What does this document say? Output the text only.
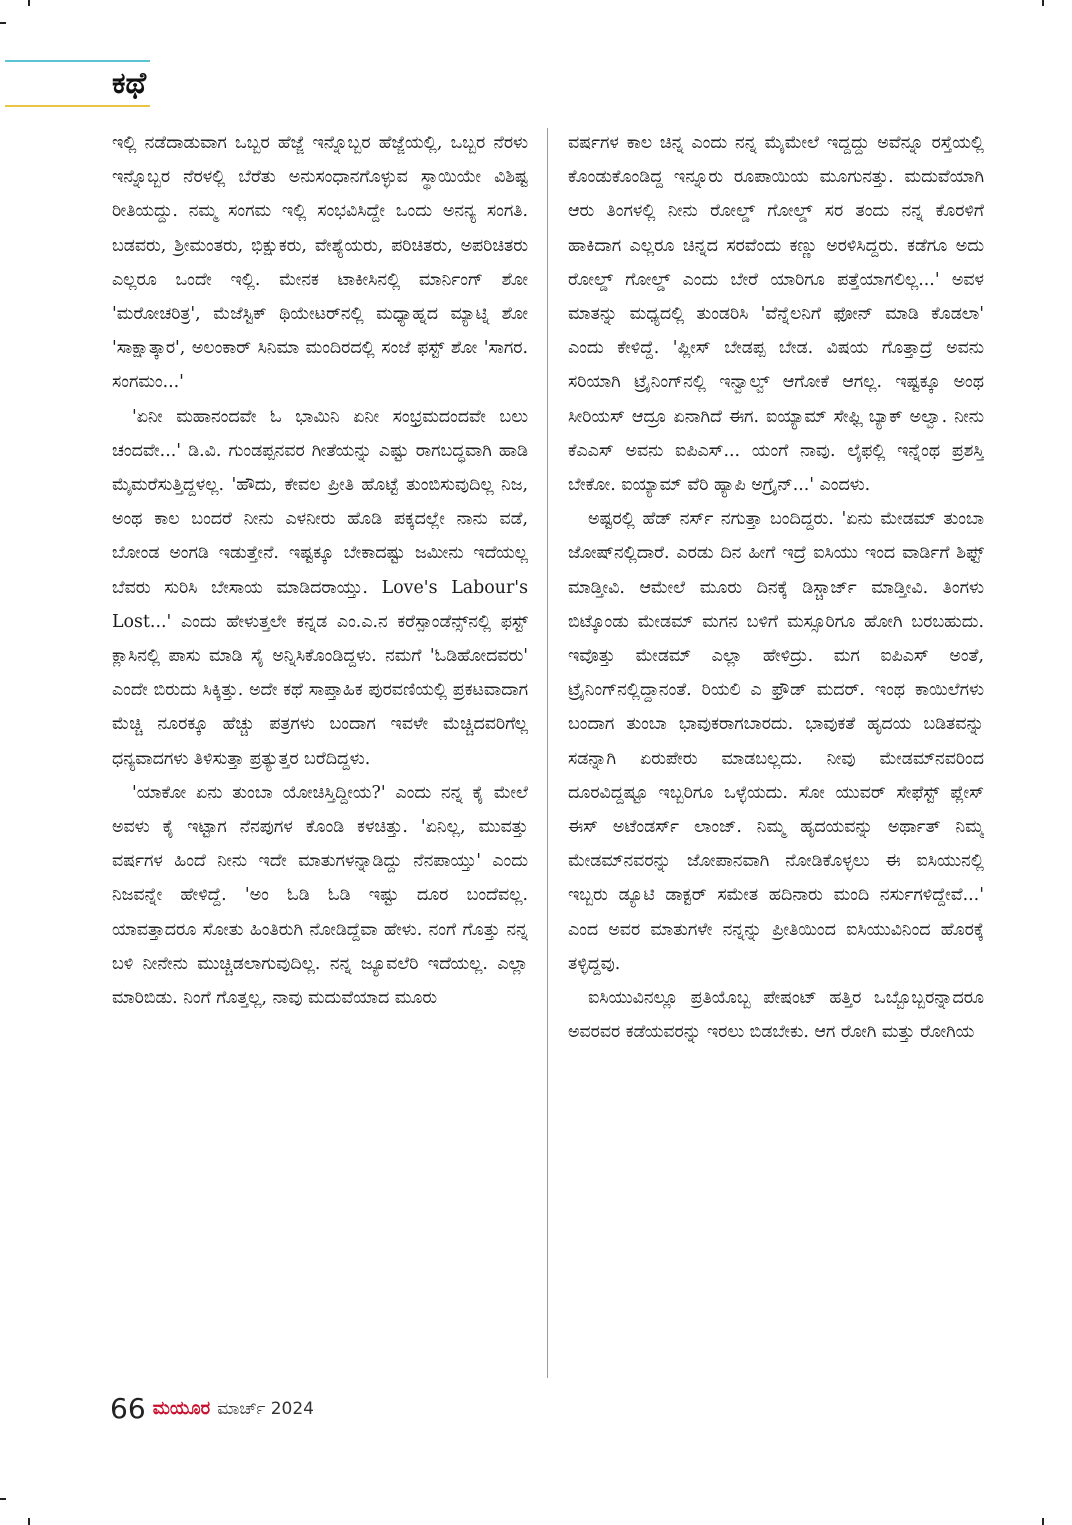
ಕಥೆ

ಇಲ್ಲಿ ನಡೆದಾಡುವಾಗ ಒಬ್ಬರ ಹೆಜ್ಜೆ ಇನ್ನೊಬ್ಬರ ಹೆಜ್ಜೆಯಲ್ಲಿ, ಒಬ್ಬರ ನೆರಳು ಇನ್ನೊಬ್ಬರ ನೆರಳಲ್ಲಿ ಬೆರೆತು ಅನುಸಂಧಾನಗೊಳ್ಳುವ ಸ್ಥಾಯಿಯೇ ವಿಶಿಷ್ಟ ರೀತಿಯದ್ದು. ನಮ್ಮ ಸಂಗಮ ಇಲ್ಲಿ ಸಂಭವಿಸಿದ್ದೇ ಒಂದು ಅನನ್ಯ ಸಂಗತಿ. ಬಡವರು, ಶ್ರೀಮಂತರು, ಭಿಕ್ಷುಕರು, ವೇಶ್ಯೆಯರು, ಪರಿಚಿತರು, ಅಪರಿಚಿತರು ಎಲ್ಲರೂ ಒಂದೇ ಇಲ್ಲಿ. ಮೇನಕ ಟಾಕೀಸಿನಲ್ಲಿ ಮಾರ್ನಿಂಗ್ ಶೋ 'ಮರೋಚರಿತ್ರ', ಮೆಜೆಸ್ಟಿಕ್ ಥಿಯೇಟರ್‌ನಲ್ಲಿ ಮಧ್ಯಾಹ್ನದ ಮ್ಯಾಟ್ನಿ ಶೋ 'ಸಾಕ್ಷಾತ್ಕಾರ', ಅಲಂಕಾರ್ ಸಿನಿಮಾ ಮಂದಿರದಲ್ಲಿ ಸಂಜೆ ಫಸ್ಟ್ ಶೋ 'ಸಾಗರ. ಸಂಗಮಂ...'

'ಏನೀ ಮಹಾನಂದವೇ ಓ ಭಾಮಿನಿ ಏನೀ ಸಂಭ್ರಮದಂದವೇ ಬಲು ಚಂದವೇ...' ಡಿ.ವಿ. ಗುಂಡಪ್ಪನವರ ಗೀತೆಯನ್ನು ಎಷ್ಟು ರಾಗಬದ್ಧವಾಗಿ ಹಾಡಿ ಮೈಮರೆಸುತ್ತಿದ್ದಳಲ್ಲ. 'ಹೌದು, ಕೇವಲ ಪ್ರೀತಿ ಹೊಟ್ಟೆ ತುಂಬಿಸುವುದಿಲ್ಲ ನಿಜ, ಅಂಥ ಕಾಲ ಬಂದರೆ ನೀನು ಎಳನೀರು ಹೊಡಿ ಪಕ್ಕದಲ್ಲೇ ನಾನು ವಡೆ, ಬೋಂಡ ಅಂಗಡಿ ಇಡುತ್ತೇನೆ. ಇಷ್ಟಕ್ಕೂ ಬೇಕಾದಷ್ಟು ಜಮೀನು ಇದೆಯಲ್ಲ ಬೆವರು ಸುರಿಸಿ ಬೇಸಾಯ ಮಾಡಿದರಾಯ್ತು. Love's Labour's Lost...' ಎಂದು ಹೇಳುತ್ತಲೇ ಕನ್ನಡ ಎಂ.ಎ.ನ ಕರೆಸ್ಪಾಂಡೆನ್ಸ್‌ನಲ್ಲಿ ಫಸ್ಟ್ ಕ್ಲಾಸಿನಲ್ಲಿ ಪಾಸು ಮಾಡಿ ಸೈ ಅನ್ನಿಸಿಕೊಂಡಿದ್ದಳು. ನಮಗೆ 'ಓಡಿಹೋದವರು' ಎಂದೇ ಬಿರುದು ಸಿಕ್ಕಿತ್ತು. ಅದೇ ಕಥೆ ಸಾಪ್ತಾಹಿಕ ಪುರವಣಿಯಲ್ಲಿ ಪ್ರಕಟವಾದಾಗ ಮೆಚ್ಚಿ ನೂರಕ್ಕೂ ಹೆಚ್ಚು ಪತ್ರಗಳು ಬಂದಾಗ ಇವಳೇ ಮೆಚ್ಚಿದವರಿಗೆಲ್ಲ ಧನ್ಯವಾದಗಳು ತಿಳಿಸುತ್ತಾ ಪ್ರತ್ಯುತ್ತರ ಬರೆದಿದ್ದಳು.

'ಯಾಕೋ ಏನು ತುಂಬಾ ಯೋಚಿಸ್ತಿದ್ದೀಯ?' ಎಂದು ನನ್ನ ಕೈ ಮೇಲೆ ಅವಳು ಕೈ ಇಟ್ಟಾಗ ನೆನಪುಗಳ ಕೊಂಡಿ ಕಳಚಿತ್ತು. 'ಏನಿಲ್ಲ, ಮುವತ್ತು ವರ್ಷಗಳ ಹಿಂದೆ ನೀನು ಇದೇ ಮಾತುಗಳನ್ನಾಡಿದ್ದು ನೆನಪಾಯ್ತು' ಎಂದು ನಿಜವನ್ನೇ ಹೇಳಿದ್ದೆ. 'ಅಂ ಓಡಿ ಓಡಿ ಇಷ್ಟು ದೂರ ಬಂದೆವಲ್ಲ. ಯಾವತ್ತಾದರೂ ಸೋತು ಹಿಂತಿರುಗಿ ನೋಡಿದ್ದೆವಾ ಹೇಳು. ನಂಗೆ ಗೊತ್ತು ನನ್ನ ಬಳಿ ನೀನೇನು ಮುಚ್ಚಿಡಲಾಗುವುದಿಲ್ಲ. ನನ್ನ ಜ್ಯೂವಲೆರಿ ಇದೆಯಲ್ಲ. ಎಲ್ಲಾ ಮಾರಿಬಿಡು. ನಿಂಗೆ ಗೊತ್ತಲ್ಲ, ನಾವು ಮದುವೆಯಾದ ಮೂರು

ವರ್ಷಗಳ ಕಾಲ ಚಿನ್ನ ಎಂದು ನನ್ನ ಮೈಮೇಲೆ ಇದ್ದದ್ದು ಅವೆನ್ನೂ ರಸ್ತೆಯಲ್ಲಿ ಕೊಂಡುಕೊಂಡಿದ್ದ ಇನ್ನೂರು ರೂಪಾಯಿಯ ಮೂಗುನತ್ತು. ಮದುವೆಯಾಗಿ ಆರು ತಿಂಗಳಲ್ಲಿ ನೀನು ರೋಲ್ಡ್ ಗೋಲ್ಡ್ ಸರ ತಂದು ನನ್ನ ಕೊರಳಿಗೆ ಹಾಕಿದಾಗ ಎಲ್ಲರೂ ಚಿನ್ನದ ಸರವೆಂದು ಕಣ್ಣು ಅರಳಿಸಿದ್ದರು. ಕಡೆಗೂ ಅದು ರೋಲ್ಡ್ ಗೋಲ್ಡ್ ಎಂದು ಬೇರೆ ಯಾರಿಗೂ ಪತ್ತೆಯಾಗಲಿಲ್ಲ...' ಅವಳ ಮಾತನ್ನು ಮಧ್ಯದಲ್ಲಿ ತುಂಡರಿಸಿ 'ವೆನ್ನೆಲನಿಗೆ ಫೋನ್ ಮಾಡಿ ಕೊಡಲಾ' ಎಂದು ಕೇಳಿದ್ದೆ. 'ಪ್ಲೀಸ್ ಬೇಡಪ್ಪ ಬೇಡ. ವಿಷಯ ಗೊತ್ತಾದ್ರೆ ಅವನು ಸರಿಯಾಗಿ ಟ್ರೈನಿಂಗ್‌ನಲ್ಲಿ ಇನ್ವಾಲ್ವ್ ಆಗೋಕೆ ಆಗಲ್ಲ. ಇಷ್ಟಕ್ಕೂ ಅಂಥ ಸೀರಿಯಸ್ ಆದ್ರೂ ಏನಾಗಿದೆ ಈಗ. ಐಯ್ಯಾಮ್ ಸೇಫ್ಲಿ ಬ್ಯಾಕ್ ಅಲ್ವಾ. ನೀನು ಕೆಎಎಸ್ ಅವನು ಐಪಿಎಸ್... ಯಂಗೆ ನಾವು. ಲೈಫಲ್ಲಿ ಇನ್ನೆಂಥ ಪ್ರಶಸ್ತಿ ಬೇಕೋ. ಐಯ್ಯಾಮ್ ವೆರಿ ಹ್ಯಾಪಿ ಅಗ್ರೈನ್...' ಎಂದಳು.

ಅಷ್ಟರಲ್ಲಿ ಹೆಡ್ ನರ್ಸ್ ನಗುತ್ತಾ ಬಂದಿದ್ದರು. 'ಏನು ಮೇಡಮ್ ತುಂಬಾ ಜೋಷ್‌ನಲ್ಲಿದಾರೆ. ಎರಡು ದಿನ ಹೀಗೆ ಇದ್ರೆ ಐಸಿಯು ಇಂದ ವಾರ್ಡಿಗೆ ಶಿಫ್ಟ್ ಮಾಡ್ತೀವಿ. ಆಮೇಲೆ ಮೂರು ದಿನಕ್ಕೆ ಡಿಸ್ಚಾರ್ಜ್ ಮಾಡ್ತೀವಿ. ತಿಂಗಳು ಬಿಟ್ಕೊಂಡು ಮೇಡಮ್ ಮಗನ ಬಳಿಗೆ ಮಸ್ಸೂರಿಗೂ ಹೋಗಿ ಬರಬಹುದು. ಇವೊತ್ತು ಮೇಡಮ್ ಎಲ್ಲಾ ಹೇಳಿದ್ರು. ಮಗ ಐಪಿಎಸ್ ಅಂತೆ, ಟ್ರೈನಿಂಗ್‌ನಲ್ಲಿದ್ದಾನಂತೆ. ರಿಯಲಿ ಎ ಫ್ರೌಡ್ ಮದರ್. ಇಂಥ ಕಾಯಿಲೆಗಳು ಬಂದಾಗ ತುಂಬಾ ಭಾವುಕರಾಗಬಾರದು. ಭಾವುಕತೆ ಹೃದಯ ಬಡಿತವನ್ನು ಸಡನ್ನಾಗಿ ಏರುಪೇರು ಮಾಡಬಲ್ಲದು. ನೀವು ಮೇಡಮ್‌ನವರಿಂದ ದೂರವಿದ್ದಷ್ಟೂ ಇಬ್ಬರಿಗೂ ಒಳ್ಳೆಯದು. ಸೋ ಯುವರ್ ಸೇಫೆಸ್ಟ್ ಪ್ಲೇಸ್ ಈಸ್ ಅಟೆಂಡರ್ಸ್ ಲಾಂಜ್. ನಿಮ್ಮ ಹೃದಯವನ್ನು ಅರ್ಥಾತ್ ನಿಮ್ಮ ಮೇಡಮ್‌ನವರನ್ನು ಜೋಪಾನವಾಗಿ ನೋಡಿಕೊಳ್ಳಲು ಈ ಐಸಿಯುನಲ್ಲಿ ಇಬ್ಬರು ಡ್ಯೂಟಿ ಡಾಕ್ಟರ್ ಸಮೇತ ಹದಿನಾರು ಮಂದಿ ನರ್ಸುಗಳಿದ್ದೇವೆ...' ಎಂದ ಅವರ ಮಾತುಗಳೇ ನನ್ನನ್ನು ಪ್ರೀತಿಯಿಂದ ಐಸಿಯುವಿನಿಂದ ಹೊರಕ್ಕೆ ತಳ್ಳಿದ್ದವು.

ಐಸಿಯುವಿನಲ್ಲೂ ಪ್ರತಿಯೊಬ್ಬ ಪೇಷಂಟ್ ಹತ್ತಿರ ಒಬ್ಬೊಬ್ಬರನ್ನಾದರೂ ಅವರವರ ಕಡೆಯವರನ್ನು ಇರಲು ಬಿಡಬೇಕು. ಆಗ ರೋಗಿ ಮತ್ತು ರೋಗಿಯ

66 ಮಯೂರ ಮಾರ್ಚ್ 2024
